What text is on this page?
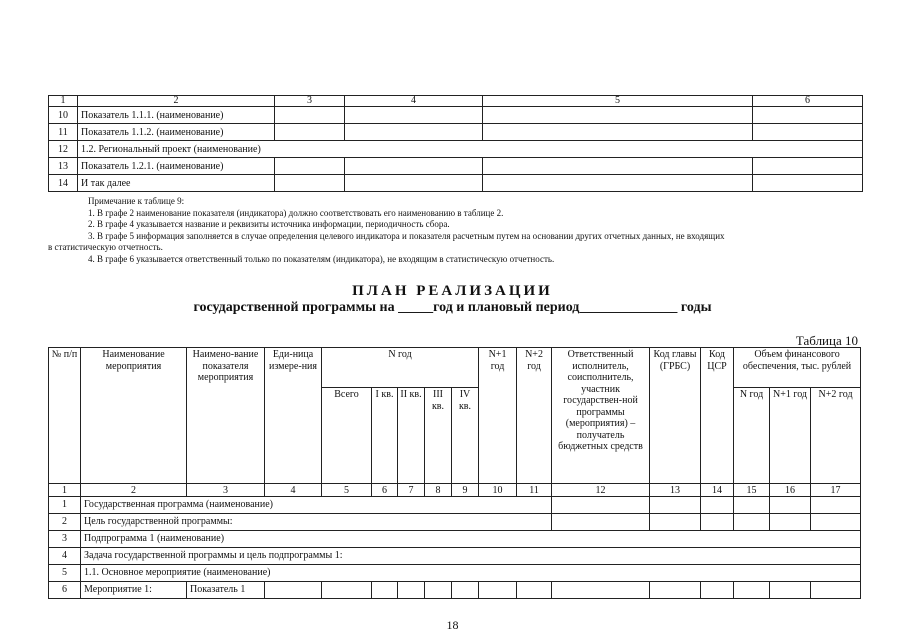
1	2	3	4	5	6
10	Показатель 1.1.1. (наименование)				
11	Показатель 1.1.2. (наименование)				
12	1.2. Региональный проект (наименование)				
13	Показатель 1.2.1. (наименование)				
14	И так далее				

Примечание к таблице 9:

1. В графе 2 наименование показателя (индикатора) должно соответствовать его наименованию в таблице 2.

2. В графе 4 указывается название и реквизиты источника информации, периодичность сбора.

3. В графе 5 информация заполняется в случае определения целевого индикатора и показателя расчетным путем на основании других отчетных данных, не входящих

в статистическую отчетность.

4. В графе 6 указывается ответственный только по показателям (индикатора), не входящим в статистическую отчетность.

ПЛАН РЕАЛИЗАЦИИ
государственной программы на _____год и плановый период______________ годы
Таблица 10
№ п/п	Наименование мероприятия	Наимено-вание показателя мероприятия	Еди-ница измере-ния	N год					N+1 год	N+2 год	Ответственный исполнитель, соисполнитель, участник государствен-ной программы (мероприятия) – получатель бюджетных средств	Код главы (ГРБС)	Код ЦСР	Объем финансового обеспечения, тыс. рублей		
				Всего	I кв.	II кв.	III кв.	IV кв.						N год	N+1 год	N+2 год
1	2	3	4	5	6	7	8	9	10	11	12	13	14	15	16	17
1	Государственная программа (наименование)															
2	Цель государственной программы:															
3	Подпрограмма 1 (наименование)															
4	Задача государственной программы и цель подпрограммы 1:															
5	1.1. Основное мероприятие (наименование)															
6	Мероприятие 1:	Показатель 1														
18
